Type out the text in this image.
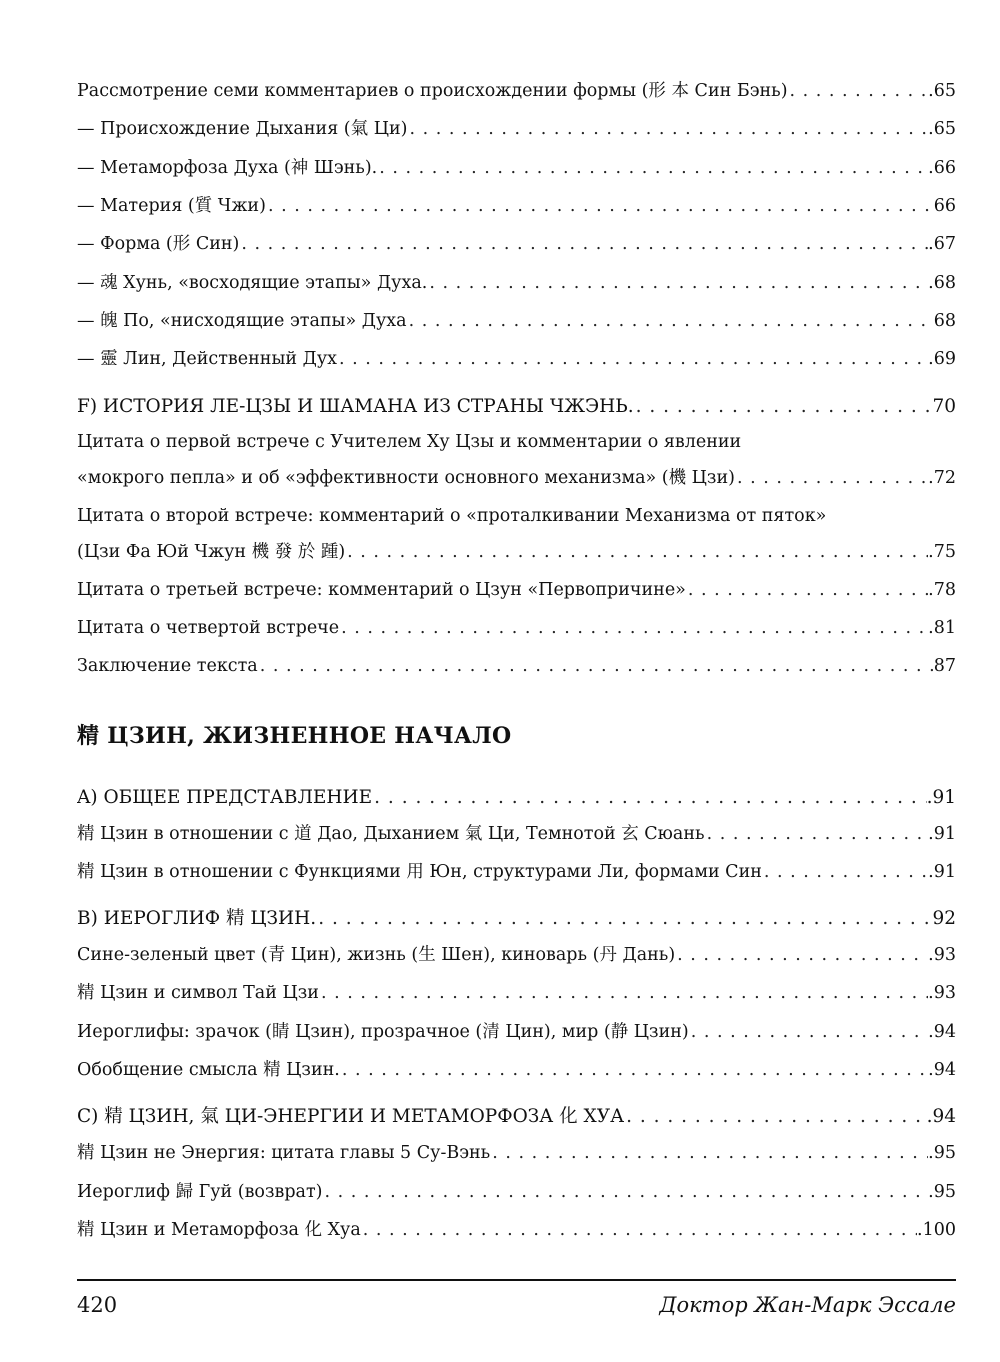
Рассмотрение семи комментариев о происхождении формы (形 本 Син Бэнь) . . .	.65
— Происхождение Дыхания (氣 Ци) . . .	.65
— Метаморфоза Духа (神 Шэнь). . . .	.66
— Материя (質 Чжи) . . .	66
— Форма (形 Син) . . .	.67
— 魂 Хунь, «восходящие этапы» Духа. . . .	.68
— 魄 По, «нисходящие этапы» Духа . . .	68
— 靈 Лин, Действенный Дух . . .	.69
F) ИСТОРИЯ ЛЕ-ЦЗЫ И ШАМАНА ИЗ СТРАНЫ ЧЖЭНЬ. . . .	70
Цитата о первой встрече с Учителем Ху Цзы и комментарии о явлении
«мокрого пепла» и об «эффективности основного механизма» (機 Цзи) . . .	.72
Цитата о второй встрече: комментарий о «проталкивании Механизма от пяток»
(Цзи Фа Юй Чжун 機 發 於 踵) . . .	.75
Цитата о третьей встрече: комментарий о Цзун «Первопричине» . . .	.78
Цитата о четвертой встрече . . .	.81
Заключение текста . . .	87
精 ЦЗИН, ЖИЗНЕННОЕ НАЧАЛО
A) ОБЩЕЕ ПРЕДСТАВЛЕНИЕ . . .	.91
精 Цзин в отношении с 道 Дао, Дыханием 氣 Ци, Темнотой 玄 Сюань . . .	.91
精 Цзин в отношении с Функциями 用 Юн, структурами Ли, формами Син . . .	.91
B) ИЕРОГЛИФ 精 ЦЗИН. . . .	92
Сине-зеленый цвет (青 Цин), жизнь (生 Шен), киноварь (丹 Дань) . . .	.93
精 Цзин и символ Тай Цзи . . .	.93
Иероглифы: зрачок (睛 Цзин), прозрачное (清 Цин), мир (静 Цзин) . . .	.94
Обобщение смысла 精 Цзин. . . .	.94
C) 精 ЦЗИН, 氣 ЦИ-ЭНЕРГИИ И МЕТАМОРФОЗА 化 ХУА . . .	.94
精 Цзин не Энергия: цитата главы 5 Су-Вэнь . . .	.95
Иероглиф 歸 Гуй (возврат) . . .	.95
精 Цзин и Метаморфоза 化 Хуа . . .	.100
420	Доктор Жан-Марк Эссале
